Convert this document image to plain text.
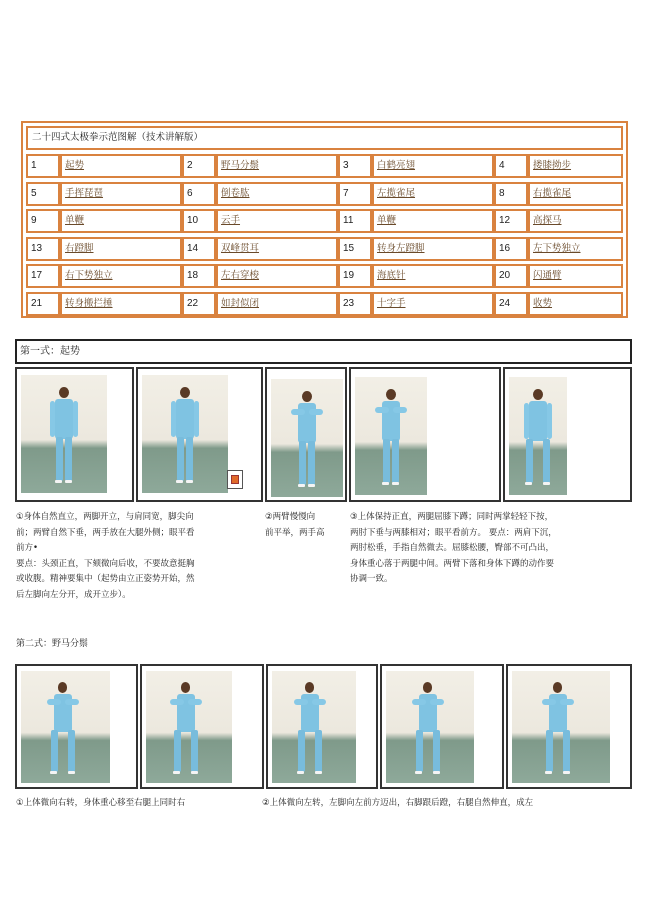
二十四式太极拳示范图解（技术讲解版）
1	起势	2	野马分鬃	3	白鹤亮翅	4	搂膝拗步
5	手挥琵琶	6	倒卷肱	7	左揽雀尾	8	右揽雀尾
9	单鞭	10	云手	11	单鞭	12	高探马
13	右蹬脚	14	双峰贯耳	15	转身左蹬脚	16	左下势独立
17	右下势独立	18	左右穿梭	19	海底针	20	闪通臂
21	转身搬拦捶	22	如封似闭	23	十字手	24	收势
第一式：起势
①身体自然直立，两脚开立，与肩同宽，脚尖向
前；两臂自然下垂，两手放在大腿外侧；眼平看
前方•
要点：头颈正直，下颏微向后收，不要故意挺胸
或收腹。精神要集中（起势由立正姿势开始，然
后左脚向左分开，成开立步）。
②两臂慢慢向
前平举，两手高
③上体保持正直，两腿屈膝下蹲；同时两掌轻轻下按，
两肘下垂与两膝相对；眼平看前方。 要点：两肩下沉，
两肘松垂，手指自然微去。屈膝松腰，臀部不可凸出，
身体重心落于两腿中间。两臂下落和身体下蹲的动作要
协调一致。
第二式：野马分鬃
①上体微向右转，身体重心移至右腿上同时右	②上体微向左转，左脚向左前方迈出，右脚跟后蹬，右腿自然伸直，成左
